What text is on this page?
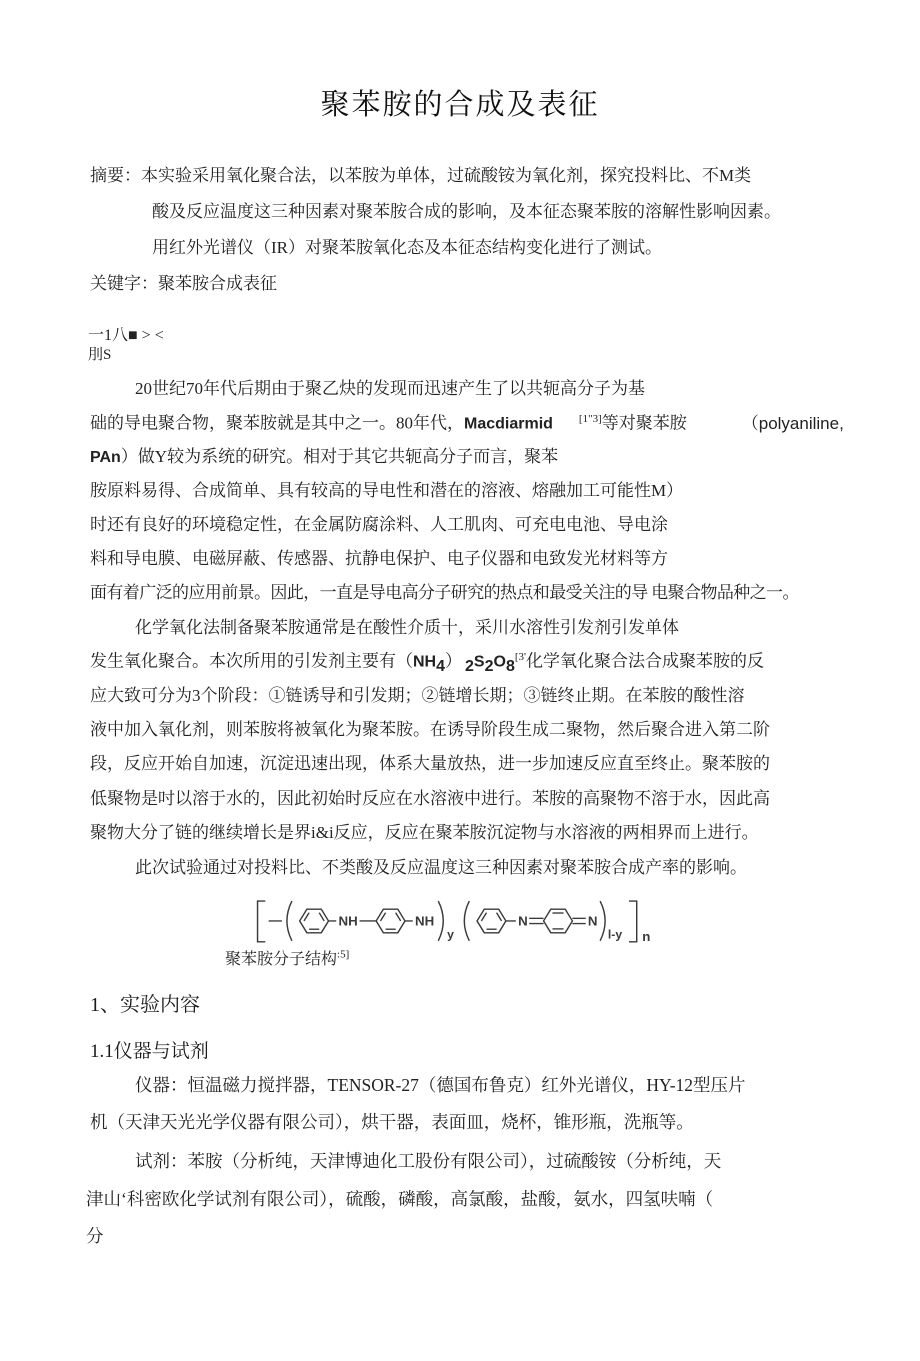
聚苯胺的合成及表征
摘要：本实验采用氧化聚合法，以苯胺为单体，过硫酸铵为氧化剂，探究投料比、不M类
酸及反应温度这三种因素对聚苯胺合成的影响，及本征态聚苯胺的溶解性影响因素。
用红外光谱仪（IR）对聚苯胺氧化态及本征态结构变化进行了测试。
关键字：聚苯胺合成表征
一1八■ > <
刖S
20世纪70年代后期由于聚乙炔的发现而迅速产生了以共轭高分子为基
础的导电聚合物，聚苯胺就是其中之一。80年代，Macdiarmid [1"3]等对聚苯胺	（polyaniline,
PAn）做Y较为系统的研究。相对于其它共轭高分子而言，聚苯
胺原料易得、合成简单、具有较高的导电性和潜在的溶液、熔融加工可能性M）
时还有良好的环境稳定性，在金属防腐涂料、人工肌肉、可充电电池、导电涂
料和导电膜、电磁屏蔽、传感器、抗静电保护、电子仪器和电致发光材料等方
面有着广泛的应用前景。因此，一直是导电高分子研究的热点和最受关注的导 电聚合物品种之一。
化学氧化法制备聚苯胺通常是在酸性介质十，采川水溶性引发剂引发单体
发生氧化聚合。本次所用的引发剂主要有$(NH_4)$ $_2S_2O_8^{[3'}$化学氧化聚合法合成聚苯胺的反
应大致可分为3个阶段：①链诱导和引发期；②链增长期；③链终止期。在苯胺的酸性溶
液中加入氧化剂，则苯胺将被氧化为聚苯胺。在诱导阶段生成二聚物，然后聚合进入第二阶
段，反应开始自加速，沉淀迅速出现，体系大量放热，进一步加速反应直至终止。聚苯胺的
低聚物是吋以溶于水的，因此初始时反应在水溶液中进行。苯胺的高聚物不溶于水，因此高
聚物大分了链的继续增长是界i&i反应，反应在聚苯胺沉淀物与水溶液的两相界而上进行。
此次试验通过对投料比、不类酸及反应温度这三种因素对聚苯胺合成产率的影响。
NH	NH
y
N	N
l-y n
聚苯胺分子结构$^{:5]}$
1、实验内容
1.1仪器与试剂
仪器：恒温磁力搅拌器，TENSOR-27（德国布鲁克）红外光谱仪，HY-12型压片
机（天津天光光学仪器有限公司），烘干器，表面皿，烧杯，锥形瓶，洗瓶等。
试剂：苯胺（分析纯，天津博迪化工股份有限公司），过硫酸铵（分析纯，天
津山‘科密欧化学试剂有限公司），硫酸，磷酸，高氯酸，盐酸，氨水，四氢呋喃（
分
